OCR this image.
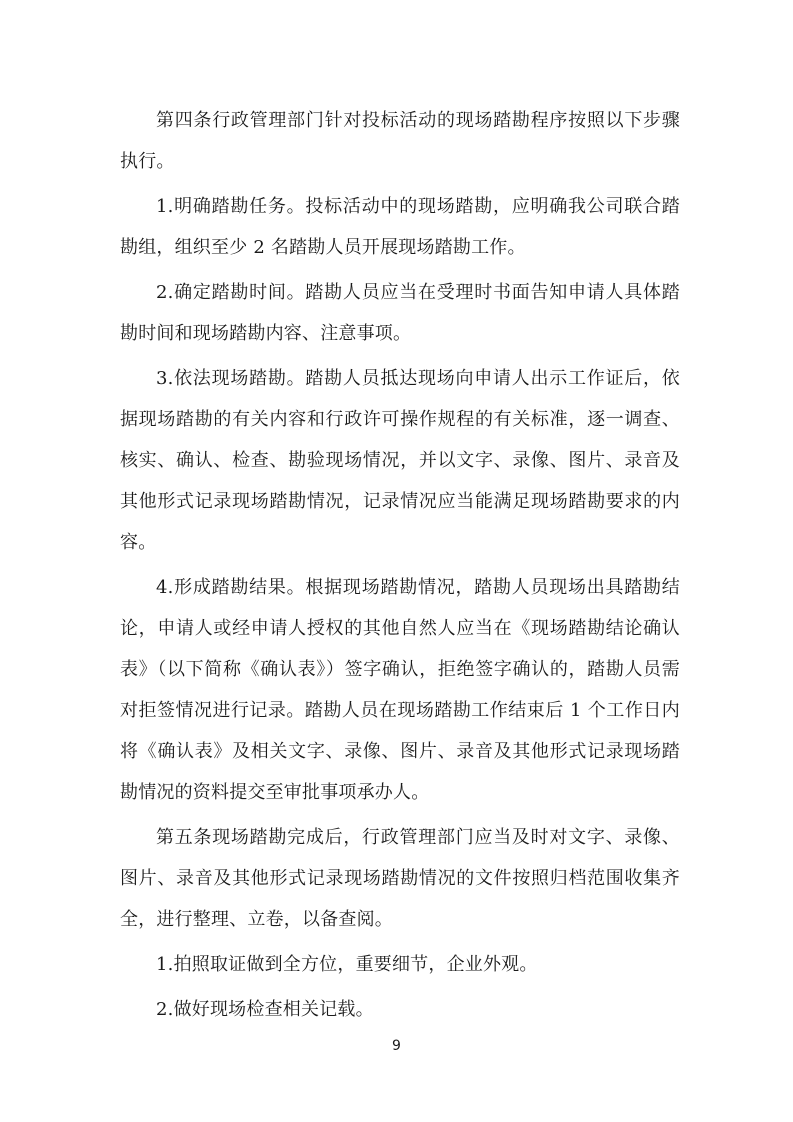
第四条行政管理部门针对投标活动的现场踏勘程序按照以下步骤执行。

1.明确踏勘任务。投标活动中的现场踏勘，应明确我公司联合踏勘组，组织至少 2 名踏勘人员开展现场踏勘工作。

2.确定踏勘时间。踏勘人员应当在受理时书面告知申请人具体踏勘时间和现场踏勘内容、注意事项。

3.依法现场踏勘。踏勘人员抵达现场向申请人出示工作证后，依据现场踏勘的有关内容和行政许可操作规程的有关标准，逐一调查、核实、确认、检查、勘验现场情况，并以文字、录像、图片、录音及其他形式记录现场踏勘情况，记录情况应当能满足现场踏勘要求的内容。

4.形成踏勘结果。根据现场踏勘情况，踏勘人员现场出具踏勘结论，申请人或经申请人授权的其他自然人应当在《现场踏勘结论确认表》（以下简称《确认表》）签字确认，拒绝签字确认的，踏勘人员需对拒签情况进行记录。踏勘人员在现场踏勘工作结束后 1 个工作日内将《确认表》及相关文字、录像、图片、录音及其他形式记录现场踏勘情况的资料提交至审批事项承办人。

第五条现场踏勘完成后，行政管理部门应当及时对文字、录像、图片、录音及其他形式记录现场踏勘情况的文件按照归档范围收集齐全，进行整理、立卷，以备查阅。

1.拍照取证做到全方位，重要细节，企业外观。

2.做好现场检查相关记载。

9
